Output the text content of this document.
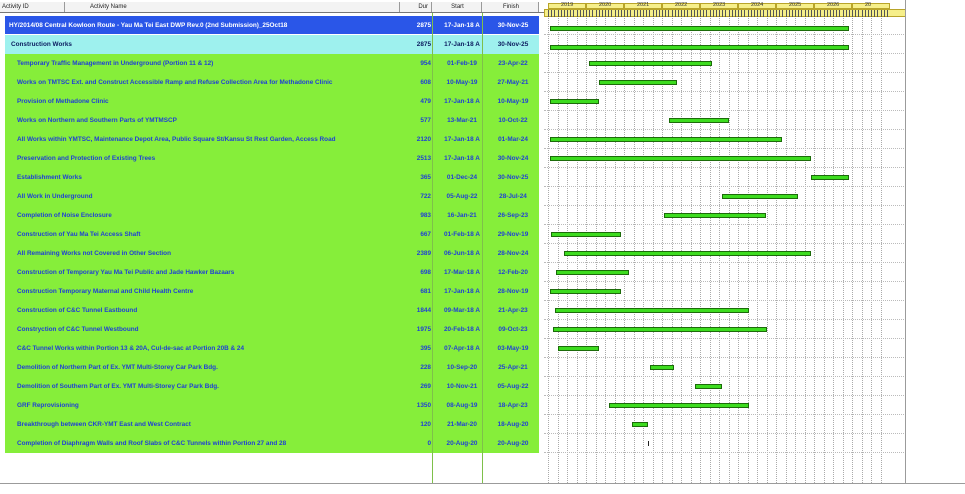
Activity ID	Activity Name	Dur	Start	Finish
HY/2014/08 Central Kowloon Route - Yau Ma Tei East DWP Rev.0 (2nd Submission)_25Oct18	2875	17-Jan-18 A	30-Nov-25
Construction Works	2875	17-Jan-18 A	30-Nov-25
Temporary Traffic Management in Underground (Portion 11 & 12)	954	01-Feb-19	23-Apr-22
Works on TMTSC Ext. and Construct Accessible Ramp and Refuse Collection Area for Methadone Clinic	608	10-May-19	27-May-21
Provision of Methadone Clinic	479	17-Jan-18 A	10-May-19
Works on Northern and Southern Parts of YMTMSCP	577	13-Mar-21	10-Oct-22
All Works within YMTSC, Maintenance Depot Area, Public Square St/Kansu St Rest Garden, Access Road	2120	17-Jan-18 A	01-Mar-24
Preservation and Protection of Existing Trees	2513	17-Jan-18 A	30-Nov-24
Establishment Works	365	01-Dec-24	30-Nov-25
All Work in Underground	722	05-Aug-22	28-Jul-24
Completion of Noise Enclosure	983	16-Jan-21	26-Sep-23
Construction of Yau Ma Tei Access Shaft	667	01-Feb-18 A	29-Nov-19
All Remaining Works not Covered in Other Section	2389	06-Jun-18 A	28-Nov-24
Construction of Temporary Yau Ma Tei Public and Jade Hawker Bazaars	698	17-Mar-18 A	12-Feb-20
Construction Temporary Maternal and Child Health Centre	681	17-Jan-18 A	28-Nov-19
Construction of C&C Tunnel Eastbound	1844	09-Mar-18 A	21-Apr-23
Constryction of C&C Tunnel Westbound	1975	20-Feb-18 A	09-Oct-23
C&C Tunnel Works within Portion 13 & 20A, Cul-de-sac at Portion 20B & 24	395	07-Apr-18 A	03-May-19
Demolition of Northern Part of Ex. YMT Multi-Storey Car Park Bdg.	228	10-Sep-20	25-Apr-21
Demolition of Southern Part of Ex. YMT Multi-Storey Car Park Bdg.	269	10-Nov-21	05-Aug-22
GRF Reprovisioning	1350	08-Aug-19	18-Apr-23
Breakthrough between CKR-YMT East and West Contract	120	21-Mar-20	18-Aug-20
Completion of Diaphragm Walls and Roof Slabs of C&C Tunnels within Portion 27 and 28	0	20-Aug-20	20-Aug-20
2019	2020	2021	2022	2023	2024	2025	2026	20
